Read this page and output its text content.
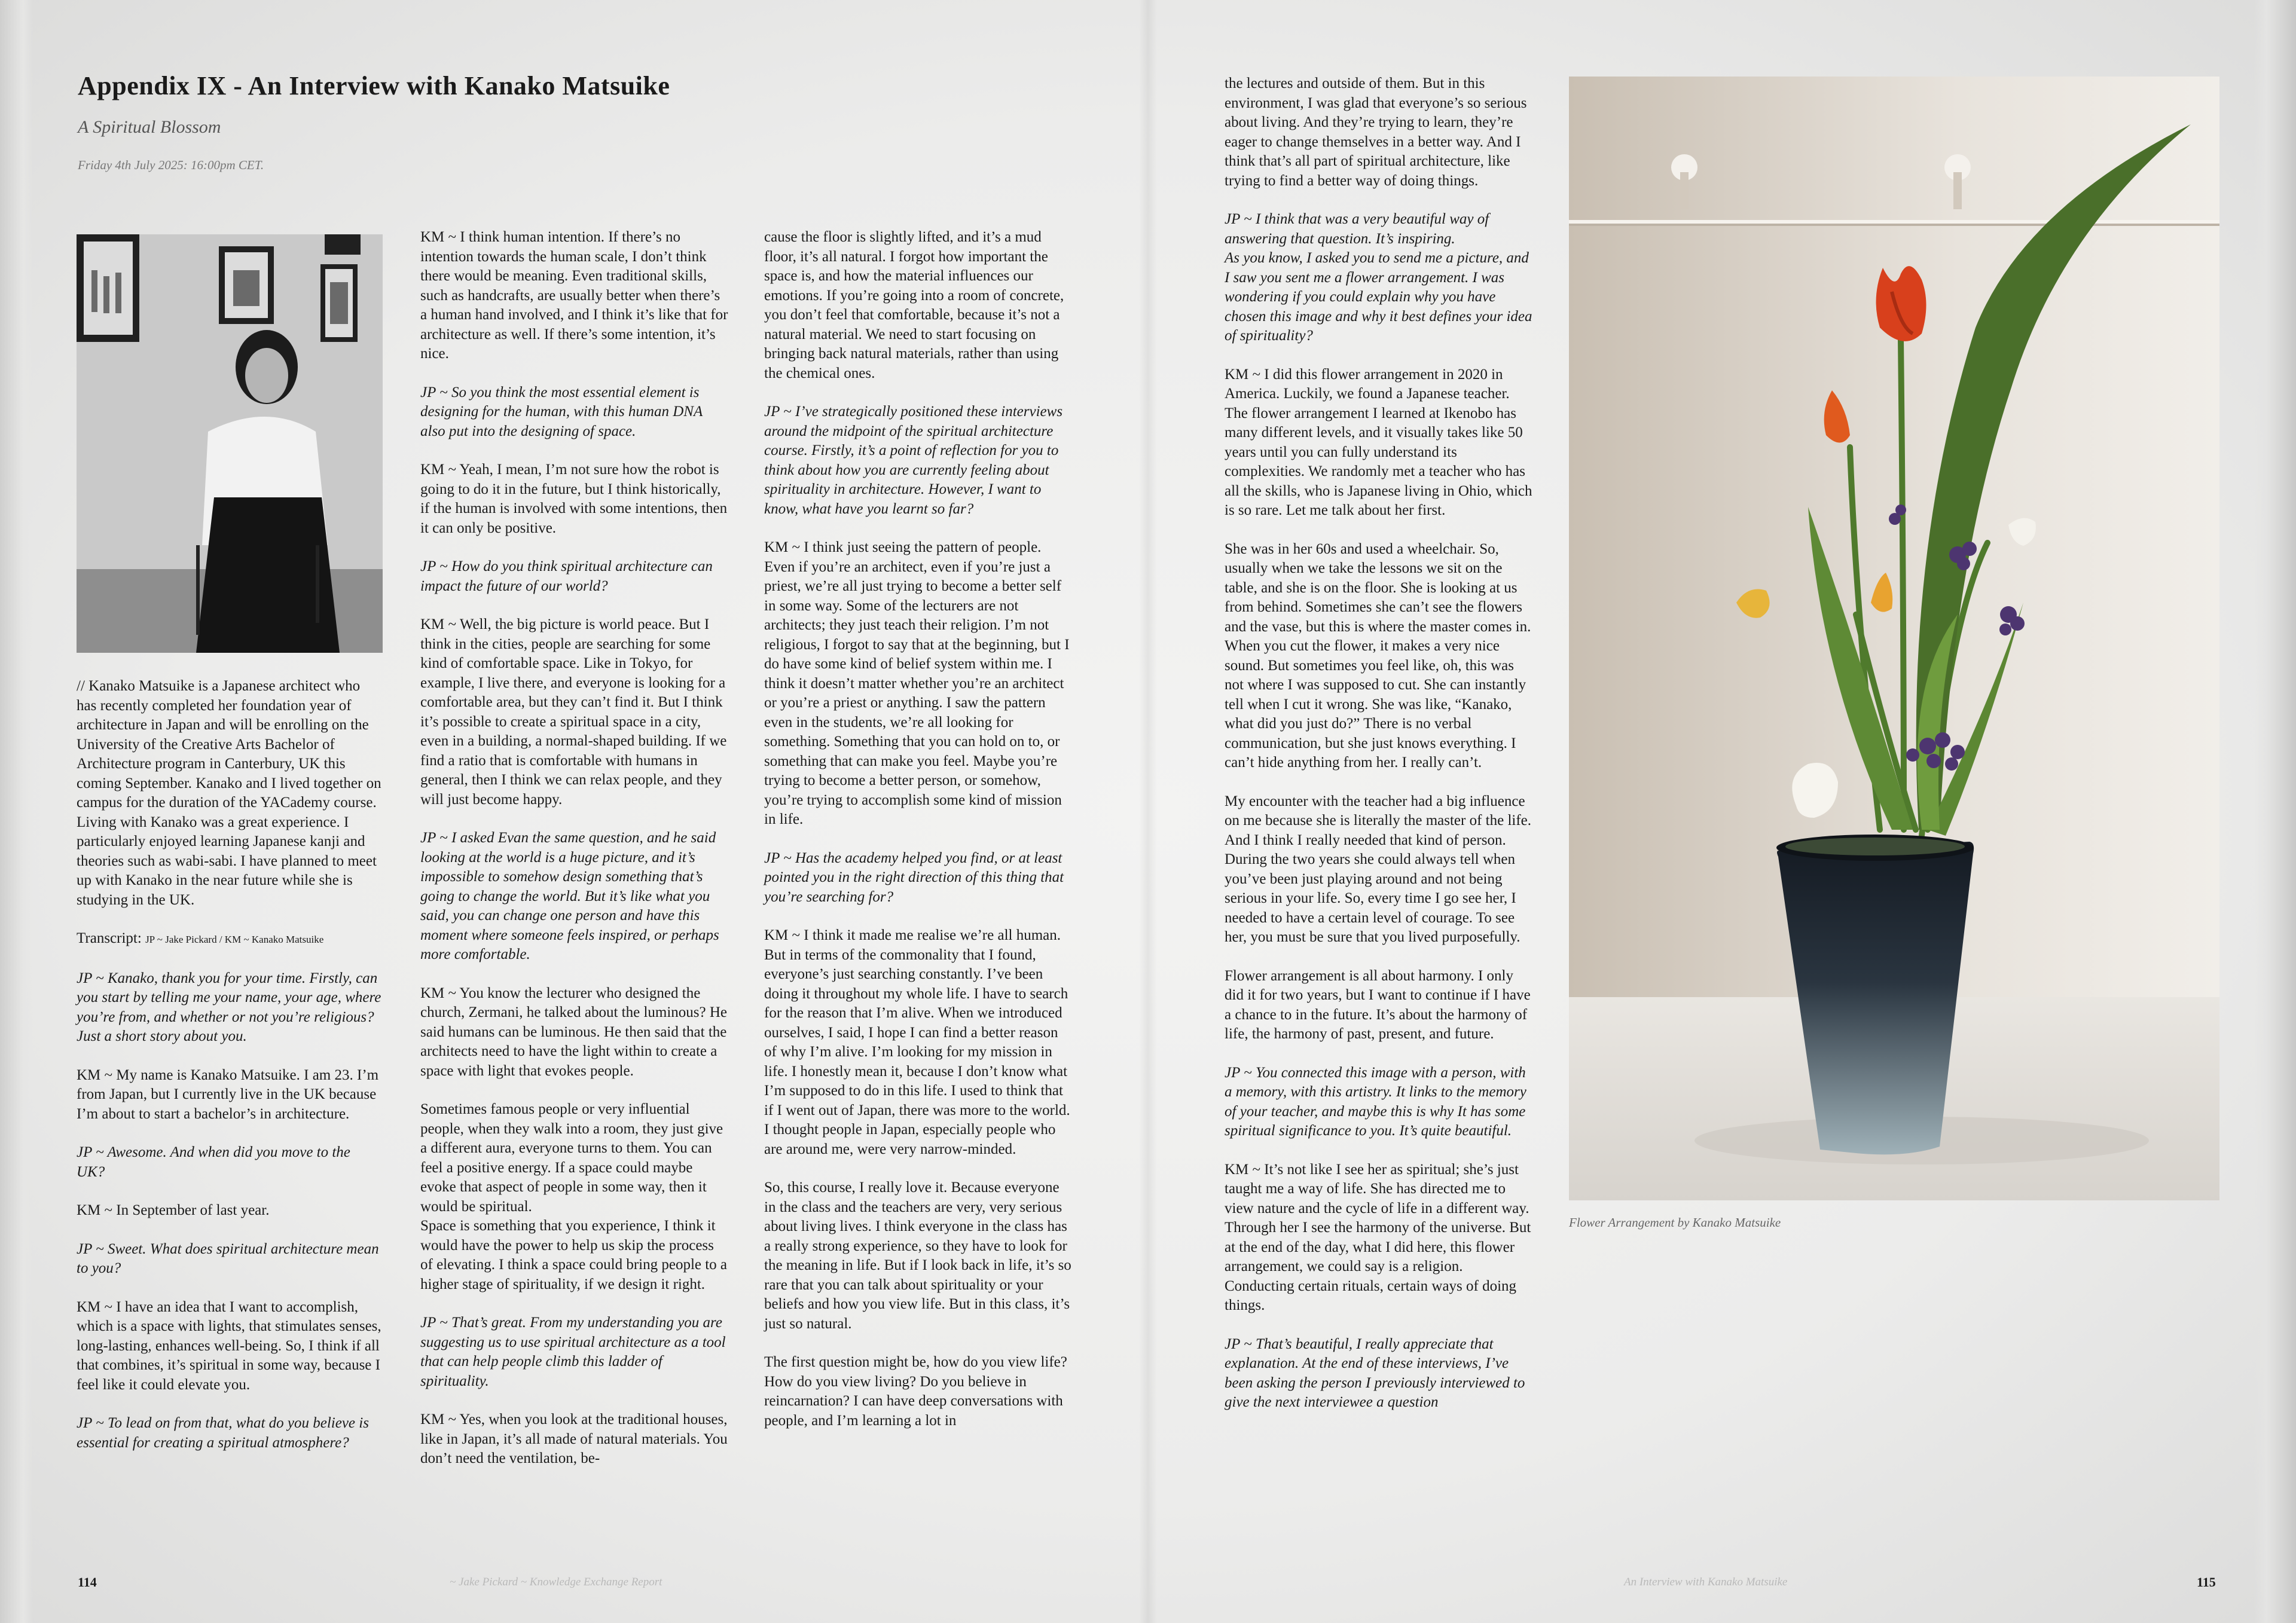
Appendix IX - An Interview with Kanako Matsuike
A Spiritual Blossom
Friday 4th July 2025: 16:00pm CET.

// Kanako Matsuike is a Japanese architect who has recently completed her foundation year of architecture in Japan and will be enrolling on the University of the Creative Arts Bachelor of Architecture program in Canterbury, UK this coming September. Kanako and I lived together on campus for the duration of the YACademy course. Living with Kanako was a great experience. I particularly enjoyed learning Japanese kanji and theories such as wabi-sabi. I have planned to meet up with Kanako in the near future while she is studying in the UK.

Transcript: JP ~ Jake Pickard / KM ~ Kanako Matsuike

JP ~ Kanako, thank you for your time. Firstly, can you start by telling me your name, your age, where you’re from, and whether or not you’re religious? Just a short story about you.

KM ~ My name is Kanako Matsuike. I am 23. I’m from Japan, but I currently live in the UK because I’m about to start a bachelor’s in architecture.

JP ~ Awesome. And when did you move to the UK?

KM ~ In September of last year.

JP ~ Sweet. What does spiritual architecture mean to you?

KM ~ I have an idea that I want to accomplish, which is a space with lights, that stimulates senses, long-lasting, enhances well-being. So, I think if all that combines, it’s spiritual in some way, because I feel like it could elevate you.

JP ~ To lead on from that, what do you believe is essential for creating a spiritual atmosphere?

KM ~ I think human intention. If there’s no intention towards the human scale, I don’t think there would be meaning. Even traditional skills, such as handcrafts, are usually better when there’s a human hand involved, and I think it’s like that for architecture as well. If there’s some intention, it’s nice.

JP ~ So you think the most essential element is designing for the human, with this human DNA also put into the designing of space.

KM ~ Yeah, I mean, I’m not sure how the robot is going to do it in the future, but I think historically, if the human is involved with some intentions, then it can only be positive.

JP ~ How do you think spiritual architecture can impact the future of our world?

KM ~ Well, the big picture is world peace. But I think in the cities, people are searching for some kind of comfortable space. Like in Tokyo, for example, I live there, and everyone is looking for a comfortable area, but they can’t find it. But I think it’s possible to create a spiritual space in a city, even in a building, a normal-shaped building. If we find a ratio that is comfortable with humans in general, then I think we can relax people, and they will just become happy.

JP ~ I asked Evan the same question, and he said looking at the world is a huge picture, and it’s impossible to somehow design something that’s going to change the world. But it’s like what you said, you can change one person and have this moment where someone feels inspired, or perhaps more comfortable.

KM ~ You know the lecturer who designed the church, Zermani, he talked about the luminous? He said humans can be luminous. He then said that the architects need to have the light within to create a space with light that evokes people.

Sometimes famous people or very influential people, when they walk into a room, they just give a different aura, everyone turns to them. You can feel a positive energy. If a space could maybe evoke that aspect of people in some way, then it would be spiritual.

Space is something that you experience, I think it would have the power to help us skip the process of elevating. I think a space could bring people to a higher stage of spirituality, if we design it right.

JP ~ That’s great. From my understanding you are suggesting us to use spiritual architecture as a tool that can help people climb this ladder of spirituality.

KM ~ Yes, when you look at the traditional houses, like in Japan, it’s all made of natural materials. You don’t need the ventilation, be-

cause the floor is slightly lifted, and it’s a mud floor, it’s all natural. I forgot how important the space is, and how the material influences our emotions. If you’re going into a room of concrete, you don’t feel that comfortable, because it’s not a natural material. We need to start focusing on bringing back natural materials, rather than using the chemical ones.

JP ~ I’ve strategically positioned these interviews around the midpoint of the spiritual architecture course. Firstly, it’s a point of reflection for you to think about how you are currently feeling about spirituality in architecture. However, I want to know, what have you learnt so far?

KM ~ I think just seeing the pattern of people. Even if you’re an architect, even if you’re just a priest, we’re all just trying to become a better self in some way. Some of the lecturers are not architects; they just teach their religion. I’m not religious, I forgot to say that at the beginning, but I do have some kind of belief system within me. I think it doesn’t matter whether you’re an architect or you’re a priest or anything. I saw the pattern even in the students, we’re all looking for something. Something that you can hold on to, or something that can make you feel. Maybe you’re trying to become a better person, or somehow, you’re trying to accomplish some kind of mission in life.

JP ~ Has the academy helped you find, or at least pointed you in the right direction of this thing that you’re searching for?

KM ~ I think it made me realise we’re all human. But in terms of the commonality that I found, everyone’s just searching constantly. I’ve been doing it throughout my whole life. I have to search for the reason that I’m alive. When we introduced ourselves, I said, I hope I can find a better reason of why I’m alive. I’m looking for my mission in life. I honestly mean it, because I don’t know what I’m supposed to do in this life. I used to think that if I went out of Japan, there was more to the world. I thought people in Japan, especially people who are around me, were very narrow-minded.

So, this course, I really love it. Because everyone in the class and the teachers are very, very serious about living lives. I think everyone in the class has a really strong experience, so they have to look for the meaning in life. But if I look back in life, it’s so rare that you can talk about spirituality or your beliefs and how you view life. But in this class, it’s just so natural.

The first question might be, how do you view life? How do you view living? Do you believe in reincarnation? I can have deep conversations with people, and I’m learning a lot in

the lectures and outside of them. But in this environment, I was glad that everyone’s so serious about living. And they’re trying to learn, they’re eager to change themselves in a better way. And I think that’s all part of spiritual architecture, like trying to find a better way of doing things.

JP ~ I think that was a very beautiful way of answering that question. It’s inspiring.

As you know, I asked you to send me a picture, and I saw you sent me a flower arrangement. I was wondering if you could explain why you have chosen this image and why it best defines your idea of spirituality?

KM ~ I did this flower arrangement in 2020 in America. Luckily, we found a Japanese teacher. The flower arrangement I learned at Ikenobo has many different levels, and it visually takes like 50 years until you can fully understand its complexities. We randomly met a teacher who has all the skills, who is Japanese living in Ohio, which is so rare. Let me talk about her first.

She was in her 60s and used a wheelchair. So, usually when we take the lessons we sit on the table, and she is on the floor. She is looking at us from behind. Sometimes she can’t see the flowers and the vase, but this is where the master comes in. When you cut the flower, it makes a very nice sound. But sometimes you feel like, oh, this was not where I was supposed to cut. She can instantly tell when I cut it wrong. She was like, “Kanako, what did you just do?” There is no verbal communication, but she just knows everything. I can’t hide anything from her. I really can’t.

My encounter with the teacher had a big influence on me because she is literally the master of the life. And I think I really needed that kind of person. During the two years she could always tell when you’ve been just playing around and not being serious in your life. So, every time I go see her, I needed to have a certain level of courage. To see her, you must be sure that you lived purposefully.

Flower arrangement is all about harmony. I only did it for two years, but I want to continue if I have a chance to in the future. It’s about the harmony of life, the harmony of past, present, and future.

JP ~ You connected this image with a person, with a memory, with this artistry. It links to the memory of your teacher, and maybe this is why It has some spiritual significance to you. It’s quite beautiful.

KM ~ It’s not like I see her as spiritual; she’s just taught me a way of life. She has directed me to view nature and the cycle of life in a different way. Through her I see the harmony of the universe. But at the end of the day, what I did here, this flower arrangement, we could say is a religion. Conducting certain rituals, certain ways of doing things.

JP ~ That’s beautiful, I really appreciate that explanation. At the end of these interviews, I’ve been asking the person I previously interviewed to give the next interviewee a question

Flower Arrangement by Kanako Matsuike
114	~ Jake Pickard ~ Knowledge Exchange Report	An Interview with Kanako Matsuike	115
